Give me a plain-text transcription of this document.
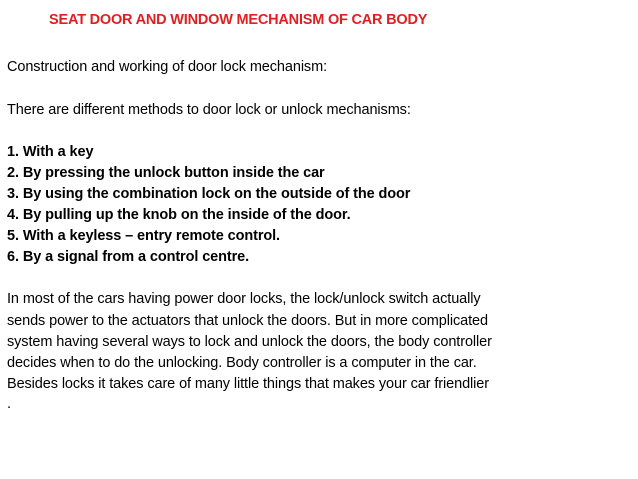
SEAT DOOR AND WINDOW MECHANISM OF CAR BODY
Construction and working of door lock mechanism:
There are different methods to door lock or unlock mechanisms:
1. With a key
2. By pressing the unlock button inside the car
3. By using the combination lock on the outside of the door
4. By pulling up the knob on the inside of the door.
5. With a keyless – entry remote control.
6. By a signal from a control centre.
In most of the cars having power door locks, the lock/unlock switch actually
sends power to the actuators that unlock the doors. But in more complicated
system having several ways to lock and unlock the doors, the body controller
decides when to do the unlocking. Body controller is a computer in the car.
Besides locks it takes care of many little things that makes your car friendlier
.
